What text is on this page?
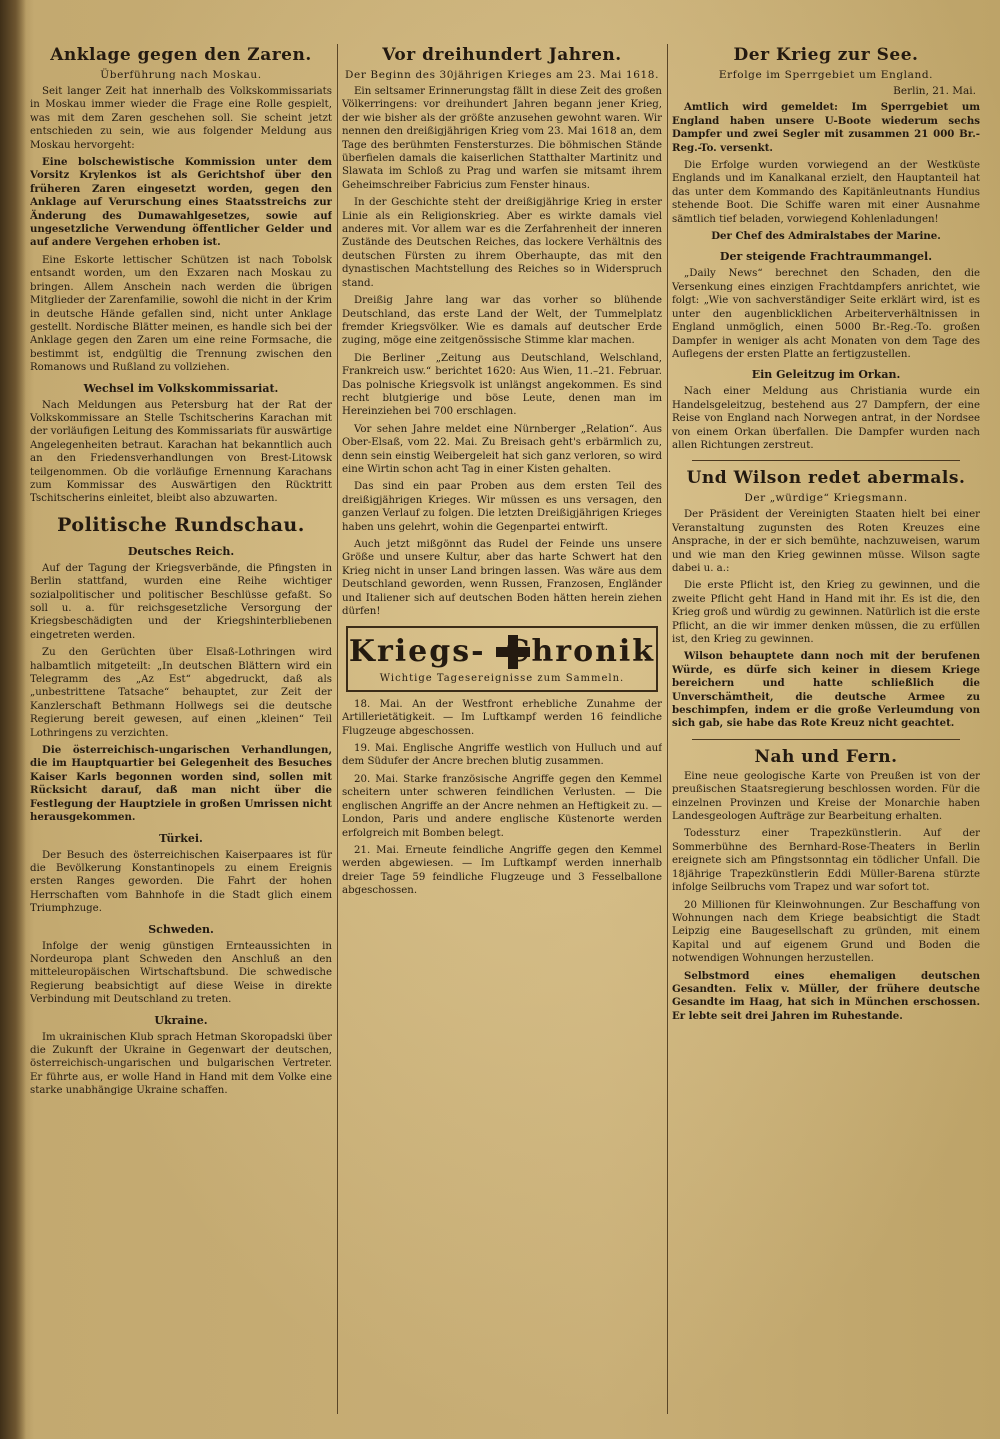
Anklage gegen den Zaren.
Überführung nach Moskau.

Seit langer Zeit hat innerhalb des Volkskommissariats in Moskau immer wieder die Frage eine Rolle gespielt, was mit dem Zaren geschehen soll. Sie scheint jetzt entschieden zu sein, wie aus folgender Meldung aus Moskau hervorgeht:

Eine bolschewistische Kommission unter dem Vorsitz Krylenkos ist als Gerichtshof über den früheren Zaren eingesetzt worden, gegen den Anklage auf Verurschung eines Staatsstreichs zur Änderung des Dumawahlgesetzes, sowie auf ungesetzliche Verwendung öffentlicher Gelder und auf andere Vergehen erhoben ist.

Eine Eskorte lettischer Schützen ist nach Tobolsk entsandt worden, um den Exzaren nach Moskau zu bringen. Allem Anschein nach werden die übrigen Mitglieder der Zarenfamilie, sowohl die nicht in der Krim in deutsche Hände gefallen sind, nicht unter Anklage gestellt. Nordische Blätter meinen, es handle sich bei der Anklage gegen den Zaren um eine reine Formsache, die bestimmt ist, endgültig die Trennung zwischen den Romanows und Rußland zu vollziehen.

Wechsel im Volkskommissariat.

Nach Meldungen aus Petersburg hat der Rat der Volkskommissare an Stelle Tschitscherins Karachan mit der vorläufigen Leitung des Kommissariats für auswärtige Angelegenheiten betraut. Karachan hat bekanntlich auch an den Friedensverhandlungen von Brest-Litowsk teilgenommen. Ob die vorläufige Ernennung Karachans zum Kommissar des Auswärtigen den Rücktritt Tschitscherins einleitet, bleibt also abzuwarten.

Politische Rundschau.
Deutsches Reich.

Auf der Tagung der Kriegsverbände, die Pfingsten in Berlin stattfand, wurden eine Reihe wichtiger sozialpolitischer und politischer Beschlüsse gefaßt. So soll u. a. für reichsgesetzliche Versorgung der Kriegsbeschädigten und der Kriegshinterbliebenen eingetreten werden.

Zu den Gerüchten über Elsaß-Lothringen wird halbamtlich mitgeteilt: „In deutschen Blättern wird ein Telegramm des „Az Est“ abgedruckt, daß als „unbestrittene Tatsache“ behauptet, zur Zeit der Kanzlerschaft Bethmann Hollwegs sei die deutsche Regierung bereit gewesen, auf einen „kleinen“ Teil Lothringens zu verzichten.

Die österreichisch-ungarischen Verhandlungen, die im Hauptquartier bei Gelegenheit des Besuches Kaiser Karls begonnen worden sind, sollen mit Rücksicht darauf, daß man nicht über die Festlegung der Hauptziele in großen Umrissen nicht herausgekommen.

Türkei.

Der Besuch des österreichischen Kaiserpaares ist für die Bevölkerung Konstantinopels zu einem Ereignis ersten Ranges geworden. Die Fahrt der hohen Herrschaften vom Bahnhofe in die Stadt glich einem Triumphzuge.

Schweden.

Infolge der wenig günstigen Ernteaussichten in Nordeuropa plant Schweden den Anschluß an den mitteleuropäischen Wirtschaftsbund. Die schwedische Regierung beabsichtigt auf diese Weise in direkte Verbindung mit Deutschland zu treten.

Ukraine.

Im ukrainischen Klub sprach Hetman Skoropadski über die Zukunft der Ukraine in Gegenwart der deutschen, österreichisch-ungarischen und bulgarischen Vertreter. Er führte aus, er wolle Hand in Hand mit dem Volke eine starke unabhängige Ukraine schaffen.

Vor dreihundert Jahren.
Der Beginn des 30jährigen Krieges am 23. Mai 1618.

Ein seltsamer Erinnerungstag fällt in diese Zeit des großen Völkerringens: vor dreihundert Jahren begann jener Krieg, der wie bisher als der größte anzusehen gewohnt waren. Wir nennen den dreißigjährigen Krieg vom 23. Mai 1618 an, dem Tage des berühmten Fenstersturzes. Die böhmischen Stände überfielen damals die kaiserlichen Statthalter Martinitz und Slawata im Schloß zu Prag und warfen sie mitsamt ihrem Geheimschreiber Fabricius zum Fenster hinaus.

In der Geschichte steht der dreißigjährige Krieg in erster Linie als ein Religionskrieg. Aber es wirkte damals viel anderes mit. Vor allem war es die Zerfahrenheit der inneren Zustände des Deutschen Reiches, das lockere Verhältnis des deutschen Fürsten zu ihrem Oberhaupte, das mit den dynastischen Machtstellung des Reiches so in Widerspruch stand.

Dreißig Jahre lang war das vorher so blühende Deutschland, das erste Land der Welt, der Tummelplatz fremder Kriegsvölker. Wie es damals auf deutscher Erde zuging, möge eine zeitgenössische Stimme klar machen.

Die Berliner „Zeitung aus Deutschland, Welschland, Frankreich usw.“ berichtet 1620: Aus Wien, 11.–21. Februar. Das polnische Kriegsvolk ist unlängst angekommen. Es sind recht blutgierige und böse Leute, denen man im Hereinziehen bei 700 erschlagen.

Vor sehen Jahre meldet eine Nürnberger „Relation“. Aus Ober-Elsaß, vom 22. Mai. Zu Breisach geht's erbärmlich zu, denn sein einstig Weibergeleit hat sich ganz verloren, so wird eine Wirtin schon acht Tag in einer Kisten gehalten.

Das sind ein paar Proben aus dem ersten Teil des dreißigjährigen Krieges. Wir müssen es uns versagen, den ganzen Verlauf zu folgen. Die letzten Dreißigjährigen Krieges haben uns gelehrt, wohin die Gegenpartei entwirft.

Auch jetzt mißgönnt das Rudel der Feinde uns unsere Größe und unsere Kultur, aber das harte Schwert hat den Krieg nicht in unser Land bringen lassen. Was wäre aus dem Deutschland geworden, wenn Russen, Franzosen, Engländer und Italiener sich auf deutschen Boden hätten herein ziehen dürfen!

Kriegs- Chronik
Wichtige Tagesereignisse zum Sammeln.

18. Mai. An der Westfront erhebliche Zunahme der Artillerietätigkeit. — Im Luftkampf werden 16 feindliche Flugzeuge abgeschossen.

19. Mai. Englische Angriffe westlich von Hulluch und auf dem Südufer der Ancre brechen blutig zusammen.

20. Mai. Starke französische Angriffe gegen den Kemmel scheitern unter schweren feindlichen Verlusten. — Die englischen Angriffe an der Ancre nehmen an Heftigkeit zu. — London, Paris und andere englische Küstenorte werden erfolgreich mit Bomben belegt.

21. Mai. Erneute feindliche Angriffe gegen den Kemmel werden abgewiesen. — Im Luftkampf werden innerhalb dreier Tage 59 feindliche Flugzeuge und 3 Fesselballone abgeschossen.

Der Krieg zur See.
Erfolge im Sperrgebiet um England.
Berlin, 21. Mai.

Amtlich wird gemeldet: Im Sperrgebiet um England haben unsere U-Boote wiederum sechs Dampfer und zwei Segler mit zusammen 21 000 Br.-Reg.-To. versenkt.

Die Erfolge wurden vorwiegend an der Westküste Englands und im Kanalkanal erzielt, den Hauptanteil hat das unter dem Kommando des Kapitänleutnants Hundius stehende Boot. Die Schiffe waren mit einer Ausnahme sämtlich tief beladen, vorwiegend Kohlenladungen!

Der Chef des Admiralstabes der Marine.

Der steigende Frachtraummangel.

„Daily News“ berechnet den Schaden, den die Versenkung eines einzigen Frachtdampfers anrichtet, wie folgt: „Wie von sachverständiger Seite erklärt wird, ist es unter den augenblicklichen Arbeiterverhältnissen in England unmöglich, einen 5000 Br.-Reg.-To. großen Dampfer in weniger als acht Monaten von dem Tage des Auflegens der ersten Platte an fertigzustellen.

Ein Geleitzug im Orkan.

Nach einer Meldung aus Christiania wurde ein Handelsgeleitzug, bestehend aus 27 Dampfern, der eine Reise von England nach Norwegen antrat, in der Nordsee von einem Orkan überfallen. Die Dampfer wurden nach allen Richtungen zerstreut.

Und Wilson redet abermals.
Der „würdige“ Kriegsmann.

Der Präsident der Vereinigten Staaten hielt bei einer Veranstaltung zugunsten des Roten Kreuzes eine Ansprache, in der er sich bemühte, nachzuweisen, warum und wie man den Krieg gewinnen müsse. Wilson sagte dabei u. a.:

Die erste Pflicht ist, den Krieg zu gewinnen, und die zweite Pflicht geht Hand in Hand mit ihr. Es ist die, den Krieg groß und würdig zu gewinnen. Natürlich ist die erste Pflicht, an die wir immer denken müssen, die zu erfüllen ist, den Krieg zu gewinnen.

Wilson behauptete dann noch mit der berufenen Würde, es dürfe sich keiner in diesem Kriege bereichern und hatte schließlich die Unverschämtheit, die deutsche Armee zu beschimpfen, indem er die große Verleumdung von sich gab, sie habe das Rote Kreuz nicht geachtet.

Nah und Fern.

Eine neue geologische Karte von Preußen ist von der preußischen Staatsregierung beschlossen worden. Für die einzelnen Provinzen und Kreise der Monarchie haben Landesgeologen Aufträge zur Bearbeitung erhalten.

Todessturz einer Trapezkünstlerin. Auf der Sommerbühne des Bernhard-Rose-Theaters in Berlin ereignete sich am Pfingstsonntag ein tödlicher Unfall. Die 18jährige Trapezkünstlerin Eddi Müller-Barena stürzte infolge Seilbruchs vom Trapez und war sofort tot.

20 Millionen für Kleinwohnungen. Zur Beschaffung von Wohnungen nach dem Kriege beabsichtigt die Stadt Leipzig eine Baugesellschaft zu gründen, mit einem Kapital und auf eigenem Grund und Boden die notwendigen Wohnungen herzustellen.

Selbstmord eines ehemaligen deutschen Gesandten. Felix v. Müller, der frühere deutsche Gesandte im Haag, hat sich in München erschossen. Er lebte seit drei Jahren im Ruhestande.
